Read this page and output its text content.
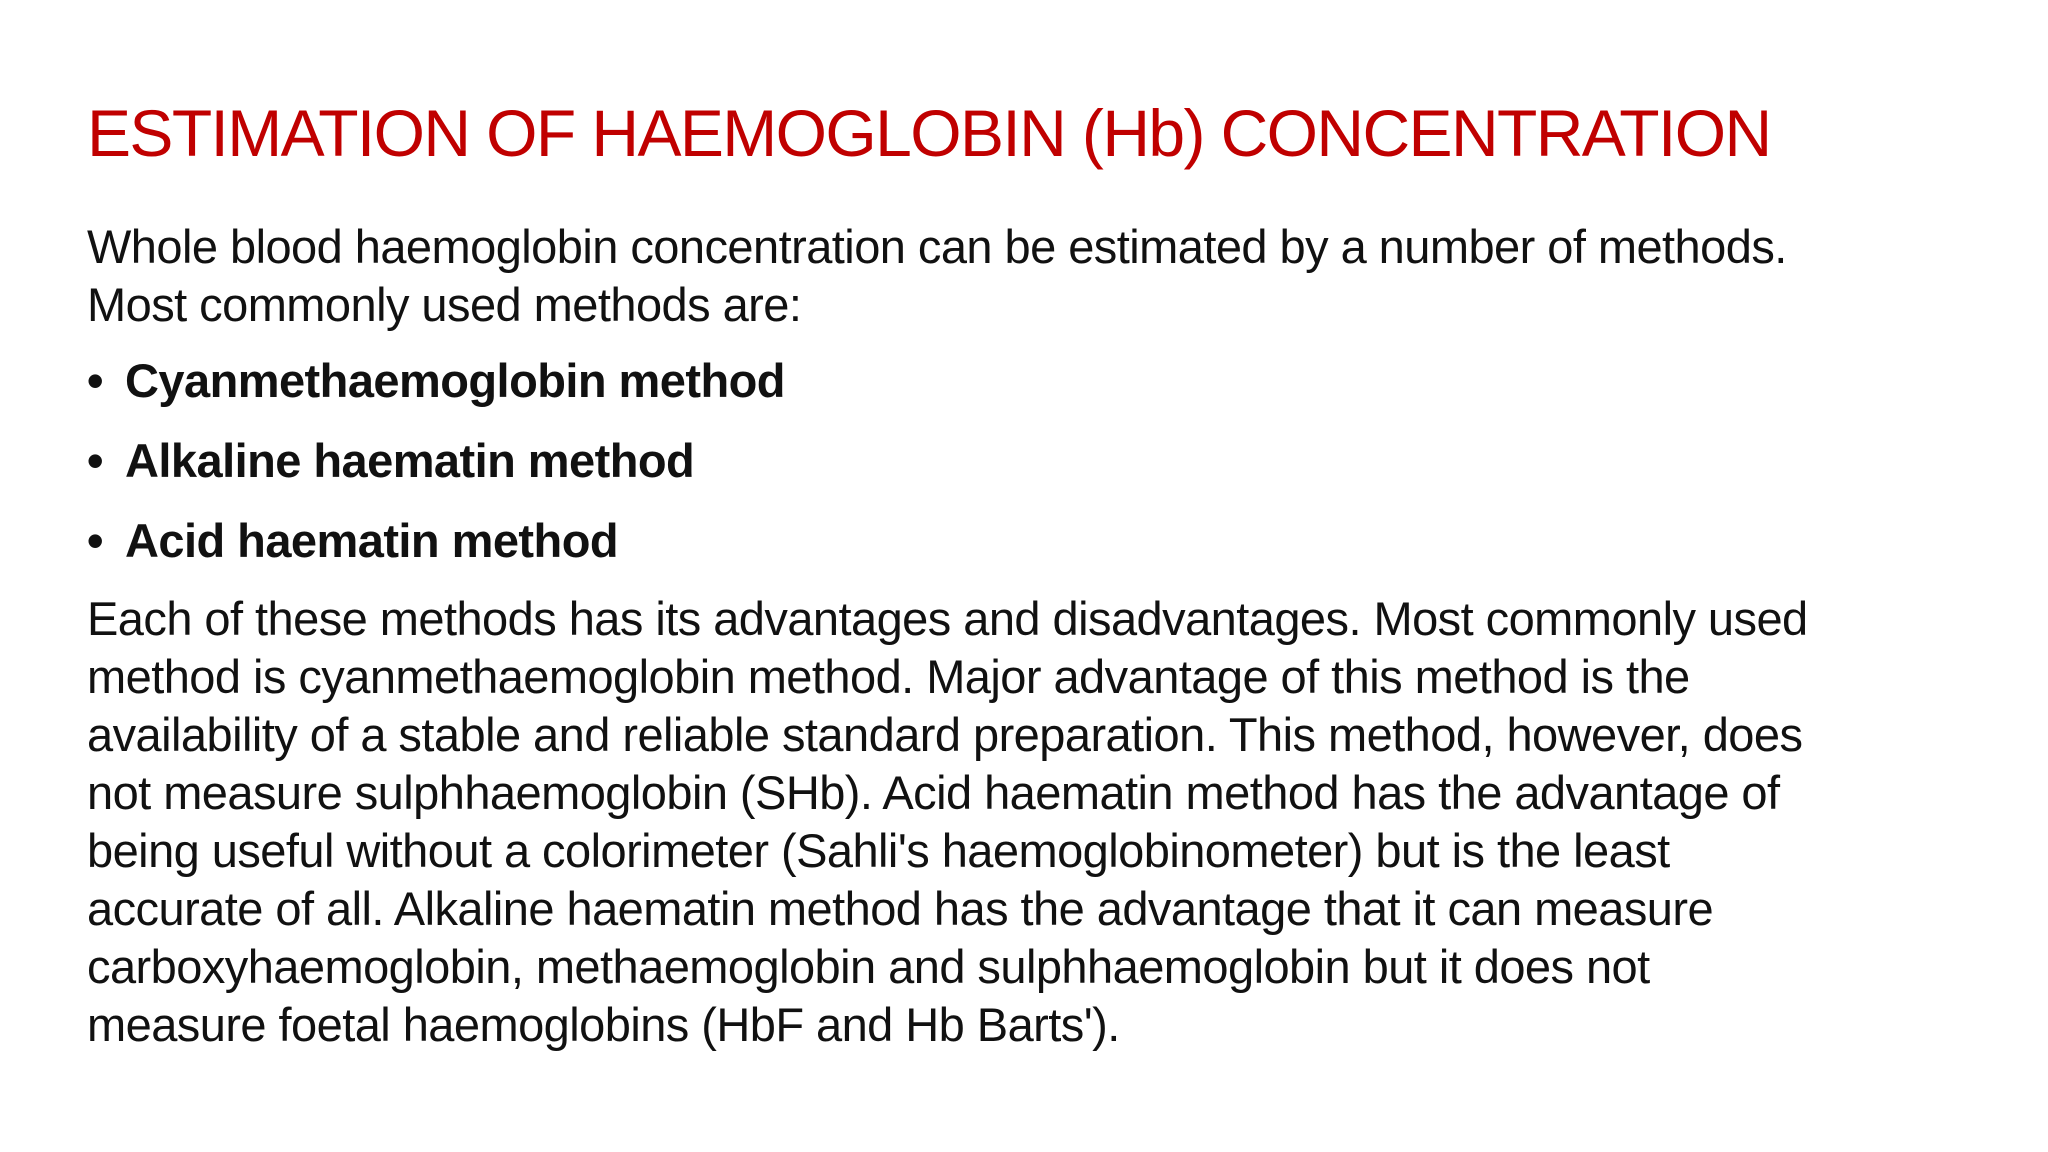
ESTIMATION OF HAEMOGLOBIN (Hb) CONCENTRATION

Whole blood haemoglobin concentration can be estimated by a number of methods.
Most commonly used methods are:

• Cyanmethaemoglobin method
• Alkaline haematin method
• Acid haematin method

Each of these methods has its advantages and disadvantages. Most commonly used
method is cyanmethaemoglobin method. Major advantage of this method is the
availability of a stable and reliable standard preparation. This method, however, does
not measure sulphhaemoglobin (SHb). Acid haematin method has the advantage of
being useful without a colorimeter (Sahli's haemoglobinometer) but is the least
accurate of all. Alkaline haematin method has the advantage that it can measure
carboxyhaemoglobin, methaemoglobin and sulphhaemoglobin but it does not
measure foetal haemoglobins (HbF and Hb Barts').
